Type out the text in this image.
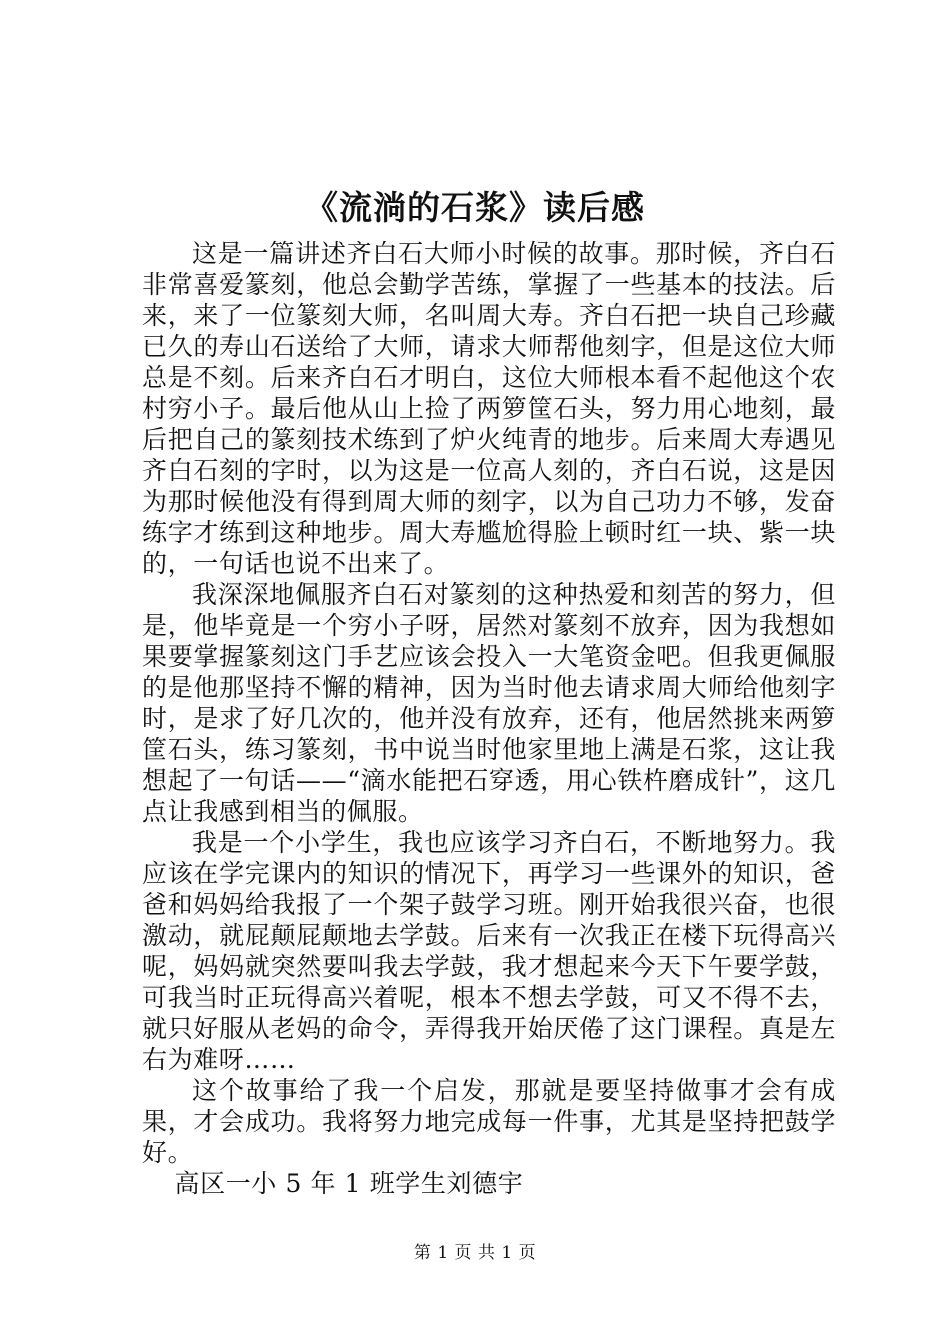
《流淌的石浆》读后感

这是一篇讲述齐白石大师小时候的故事。那时候，齐白石非常喜爱篆刻，他总会勤学苦练，掌握了一些基本的技法。后来，来了一位篆刻大师，名叫周大寿。齐白石把一块自己珍藏已久的寿山石送给了大师，请求大师帮他刻字，但是这位大师总是不刻。后来齐白石才明白，这位大师根本看不起他这个农村穷小子。最后他从山上捡了两箩筐石头，努力用心地刻，最后把自己的篆刻技术练到了炉火纯青的地步。后来周大寿遇见齐白石刻的字时，以为这是一位高人刻的，齐白石说，这是因为那时候他没有得到周大师的刻字，以为自己功力不够，发奋练字才练到这种地步。周大寿尴尬得脸上顿时红一块、紫一块的，一句话也说不出来了。

我深深地佩服齐白石对篆刻的这种热爱和刻苦的努力，但是，他毕竟是一个穷小子呀，居然对篆刻不放弃，因为我想如果要掌握篆刻这门手艺应该会投入一大笔资金吧。但我更佩服的是他那坚持不懈的精神，因为当时他去请求周大师给他刻字时，是求了好几次的，他并没有放弃，还有，他居然挑来两箩筐石头，练习篆刻，书中说当时他家里地上满是石浆，这让我想起了一句话——“滴水能把石穿透，用心铁杵磨成针”，这几点让我感到相当的佩服。

我是一个小学生，我也应该学习齐白石，不断地努力。我应该在学完课内的知识的情况下，再学习一些课外的知识，爸爸和妈妈给我报了一个架子鼓学习班。刚开始我很兴奋，也很激动，就屁颠屁颠地去学鼓。后来有一次我正在楼下玩得高兴呢，妈妈就突然要叫我去学鼓，我才想起来今天下午要学鼓，可我当时正玩得高兴着呢，根本不想去学鼓，可又不得不去，就只好服从老妈的命令，弄得我开始厌倦了这门课程。真是左右为难呀……

这个故事给了我一个启发，那就是要坚持做事才会有成果，才会成功。我将努力地完成每一件事，尤其是坚持把鼓学好。

高区一小 5 年 1 班学生刘德宇

第 1 页 共 1 页
